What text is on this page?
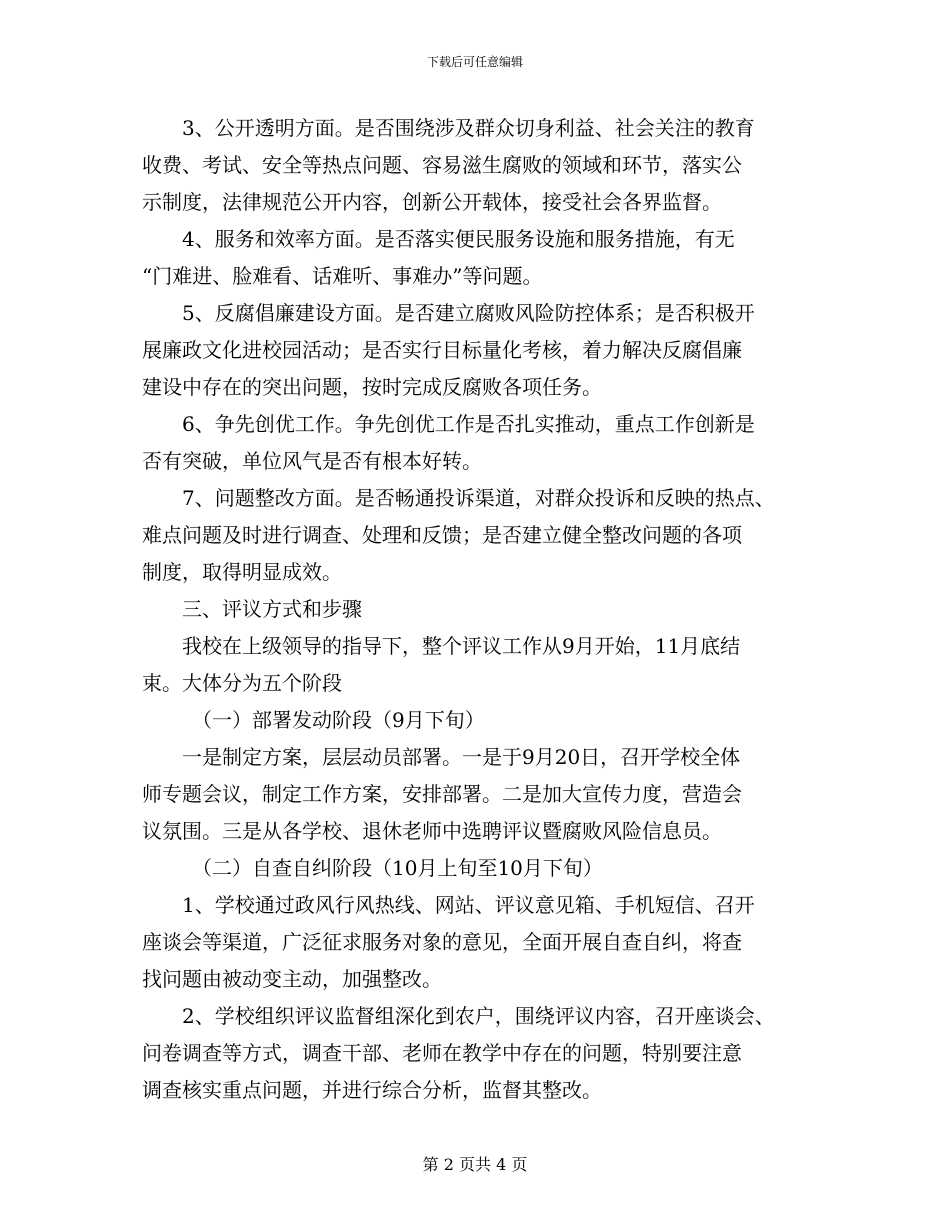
下载后可任意编辑
3、公开透明方面。是否围绕涉及群众切身利益、社会关注的教育
收费、考试、安全等热点问题、容易滋生腐败的领域和环节，落实公
示制度，法律规范公开内容，创新公开载体，接受社会各界监督。
4、服务和效率方面。是否落实便民服务设施和服务措施，有无
“门难进、脸难看、话难听、事难办”等问题。
5、反腐倡廉建设方面。是否建立腐败风险防控体系；是否积极开
展廉政文化进校园活动；是否实行目标量化考核，着力解决反腐倡廉
建设中存在的突出问题，按时完成反腐败各项任务。
6、争先创优工作。争先创优工作是否扎实推动，重点工作创新是
否有突破，单位风气是否有根本好转。
7、问题整改方面。是否畅通投诉渠道，对群众投诉和反映的热点、
难点问题及时进行调查、处理和反馈；是否建立健全整改问题的各项
制度，取得明显成效。
三、评议方式和步骤
我校在上级领导的指导下，整个评议工作从9月开始，11月底结
束。大体分为五个阶段
（一）部署发动阶段（9月下旬）
一是制定方案，层层动员部署。一是于9月20日，召开学校全体
师专题会议，制定工作方案，安排部署。二是加大宣传力度，营造会
议氛围。三是从各学校、退休老师中选聘评议暨腐败风险信息员。
（二）自查自纠阶段（10月上旬至10月下旬）
1、学校通过政风行风热线、网站、评议意见箱、手机短信、召开
座谈会等渠道，广泛征求服务对象的意见，全面开展自查自纠，将查
找问题由被动变主动，加强整改。
2、学校组织评议监督组深化到农户，围绕评议内容，召开座谈会、
问卷调查等方式，调查干部、老师在教学中存在的问题，特别要注意
调查核实重点问题，并进行综合分析，监督其整改。
第 2 页共 4 页
